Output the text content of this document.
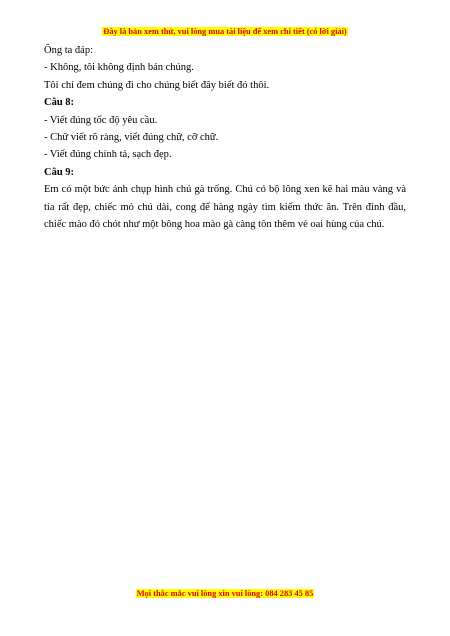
Đây là bản xem thử, vui lòng mua tài liệu để xem chi tiết (có lời giải)

Ông ta đáp:

- Không, tôi không định bán chúng.

Tôi chỉ đem chúng đi cho chúng biết đây biết đó thôi.

Câu 8:

- Viết đúng tốc độ yêu cầu.

- Chữ viết rõ ràng, viết đúng chữ, cỡ chữ.

- Viết đúng chính tả, sạch đẹp.

Câu 9:

Em có một bức ảnh chụp hình chú gà trống. Chú có bộ lông xen kẽ hai màu vàng và tía rất đẹp, chiếc mỏ chú dài, cong để hàng ngày tìm kiếm thức ăn. Trên đỉnh đầu, chiếc mào đỏ chót như một bông hoa mào gà càng tôn thêm vẻ oai hùng của chú.

Mọi thắc mắc vui lòng xin vui lòng: 084 283 45 85
